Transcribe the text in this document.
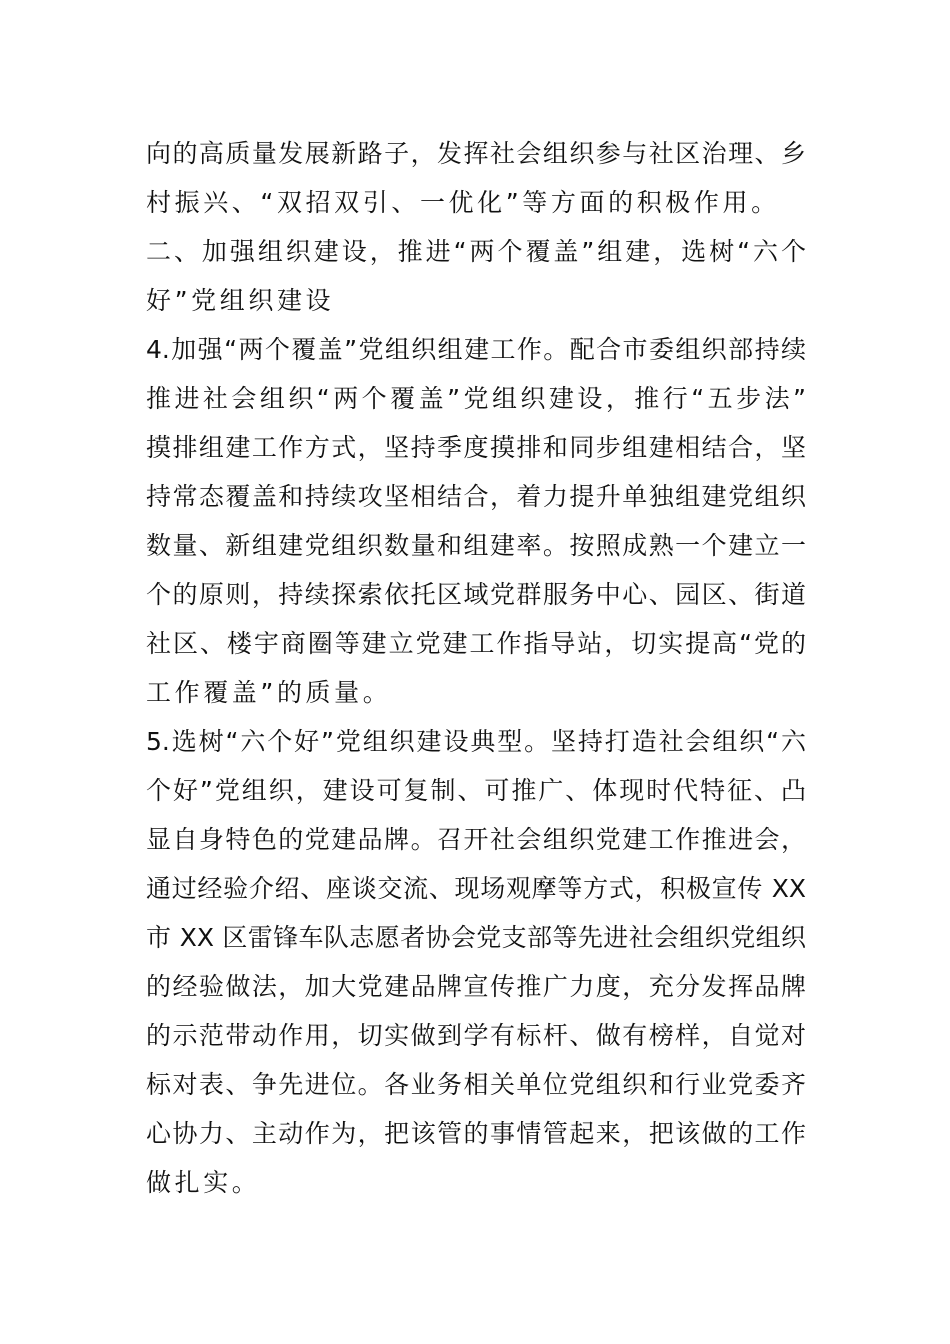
向的高质量发展新路子，发挥社会组织参与社区治理、乡
村振兴、“双招双引、一优化”等方面的积极作用。
二、加强组织建设，推进“两个覆盖”组建，选树“六个
好”党组织建设
4.加强“两个覆盖”党组织组建工作。配合市委组织部持续
推进社会组织“两个覆盖”党组织建设，推行“五步法”
摸排组建工作方式，坚持季度摸排和同步组建相结合，坚
持常态覆盖和持续攻坚相结合，着力提升单独组建党组织
数量、新组建党组织数量和组建率。按照成熟一个建立一
个的原则，持续探索依托区域党群服务中心、园区、街道
社区、楼宇商圈等建立党建工作指导站，切实提高“党的
工作覆盖”的质量。
5.选树“六个好”党组织建设典型。坚持打造社会组织“六
个好”党组织，建设可复制、可推广、体现时代特征、凸
显自身特色的党建品牌。召开社会组织党建工作推进会，
通过经验介绍、座谈交流、现场观摩等方式，积极宣传 XX
市 XX 区雷锋车队志愿者协会党支部等先进社会组织党组织
的经验做法，加大党建品牌宣传推广力度，充分发挥品牌
的示范带动作用，切实做到学有标杆、做有榜样，自觉对
标对表、争先进位。各业务相关单位党组织和行业党委齐
心协力、主动作为，把该管的事情管起来，把该做的工作
做扎实。
